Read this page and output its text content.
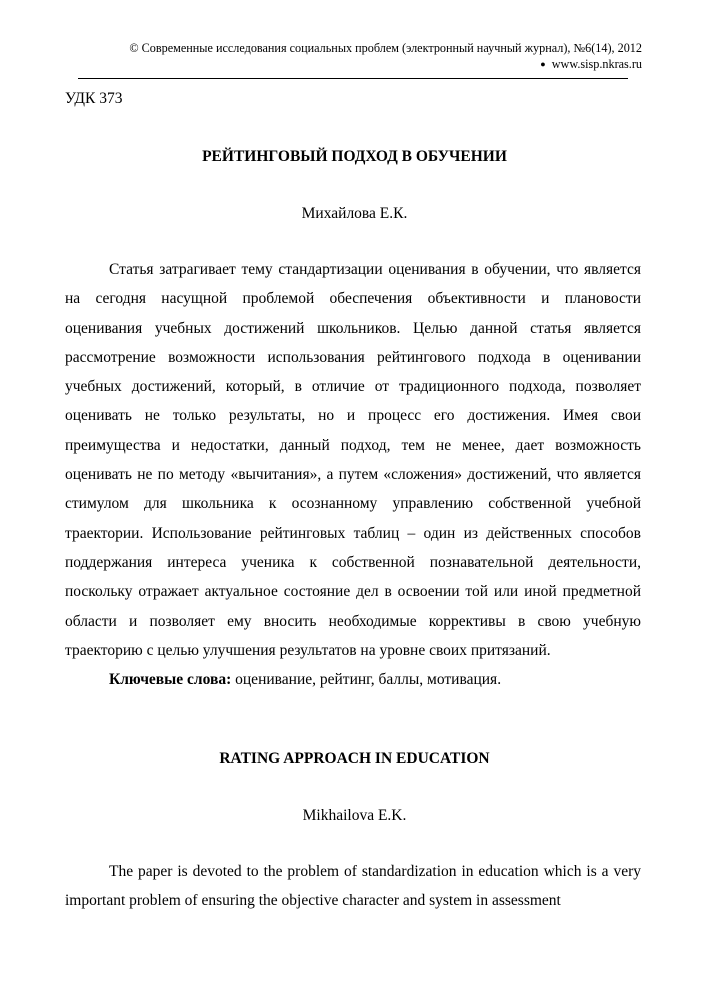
© Современные исследования социальных проблем (электронный научный журнал), №6(14), 2012
● www.sisp.nkras.ru
УДК 373
РЕЙТИНГОВЫЙ ПОДХОД В ОБУЧЕНИИ
Михайлова Е.К.

Статья затрагивает тему стандартизации оценивания в обучении, что является на сегодня насущной проблемой обеспечения объективности и плановости оценивания учебных достижений школьников. Целью данной статья является рассмотрение возможности использования рейтингового подхода в оценивании учебных достижений, который, в отличие от традиционного подхода, позволяет оценивать не только результаты, но и процесс его достижения. Имея свои преимущества и недостатки, данный подход, тем не менее, дает возможность оценивать не по методу «вычитания», а путем «сложения» достижений, что является стимулом для школьника к осознанному управлению собственной учебной траектории. Использование рейтинговых таблиц – один из действенных способов поддержания интереса ученика к собственной познавательной деятельности, поскольку отражает актуальное состояние дел в освоении той или иной предметной области и позволяет ему вносить необходимые коррективы в свою учебную траекторию с целью улучшения результатов на уровне своих притязаний.

Ключевые слова: оценивание, рейтинг, баллы, мотивация.

RATING APPROACH IN EDUCATION
Mikhailova E.K.

The paper is devoted to the problem of standardization in education which is a very important problem of ensuring the objective character and system in assessment
